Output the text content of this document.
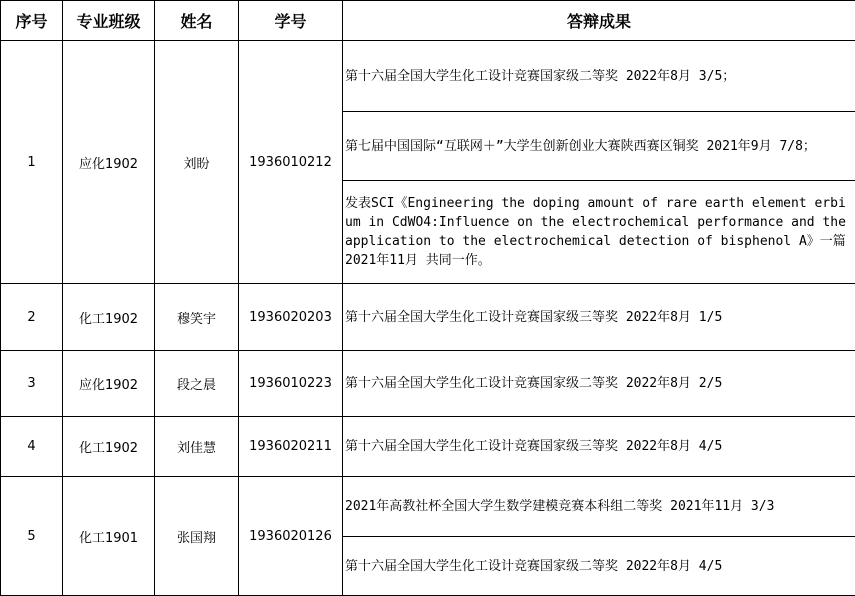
序号	专业班级	姓名	学号	答辩成果
1	应化1902	刘盼	1936010212	第十六届全国大学生化工设计竞赛国家级二等奖 2022年8月 3/5；
				第七届中国国际“互联网＋”大学生创新创业大赛陕西赛区铜奖 2021年9月 7/8；
				发表SCI《Engineering the doping amount of rare earth element erbium in CdWO4:Influence on the electrochemical performance and the application to the electrochemical detection of bisphenol A》一篇 2021年11月 共同一作。
2	化工1902	穆笑宇	1936020203	第十六届全国大学生化工设计竞赛国家级三等奖 2022年8月 1/5
3	应化1902	段之晨	1936010223	第十六届全国大学生化工设计竞赛国家级二等奖 2022年8月 2/5
4	化工1902	刘佳慧	1936020211	第十六届全国大学生化工设计竞赛国家级三等奖 2022年8月 4/5
5	化工1901	张国翔	1936020126	2021年高教社杯全国大学生数学建模竞赛本科组二等奖 2021年11月 3/3
				第十六届全国大学生化工设计竞赛国家级二等奖 2022年8月 4/5
